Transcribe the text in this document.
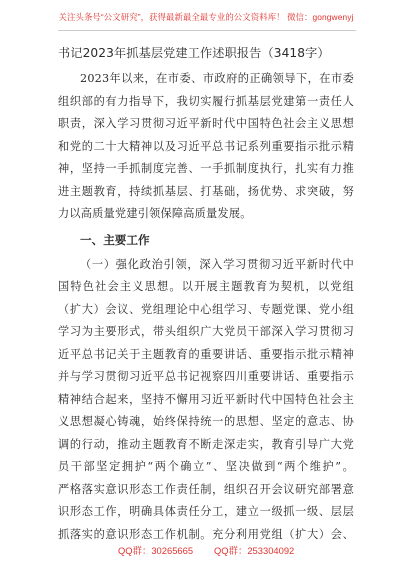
关注头条号“公文研究”，获得最新最全最专业的公文资料库！ 微信：gongwenyj
书记2023年抓基层党建工作述职报告（3418字）
2023年以来，在市委、市政府的正确领导下，在市委
组织部的有力指导下，我切实履行抓基层党建第一责任人
职责，深入学习贯彻习近平新时代中国特色社会主义思想
和党的二十大精神以及习近平总书记系列重要指示批示精
神，坚持一手抓制度完善、一手抓制度执行，扎实有力推
进主题教育，持续抓基层、打基础，扬优势、求突破，努
力以高质量党建引领保障高质量发展。
一、主要工作
（一）强化政治引领，深入学习贯彻习近平新时代中
国特色社会主义思想。以开展主题教育为契机，以党组
（扩大）会议、党组理论中心组学习、专题党课、党小组
学习为主要形式，带头组织广大党员干部深入学习贯彻习
近平总书记关于主题教育的重要讲话、重要指示批示精神
并与学习贯彻习近平总书记视察四川重要讲话、重要指示
精神结合起来，坚持不懈用习近平新时代中国特色社会主
义思想凝心铸魂，始终保持统一的思想、坚定的意志、协
调的行动，推动主题教育不断走深走实，教育引导广大党
员干部坚定拥护“两个确立”、坚决做到“两个维护”。
严格落实意识形态工作责任制，组织召开会议研究部署意
识形态工作，明确具体责任分工，建立一级抓一级、层层
抓落实的意识形态工作机制。充分利用党组（扩大）会、
QQ群：30265665 QQ群：253304092
